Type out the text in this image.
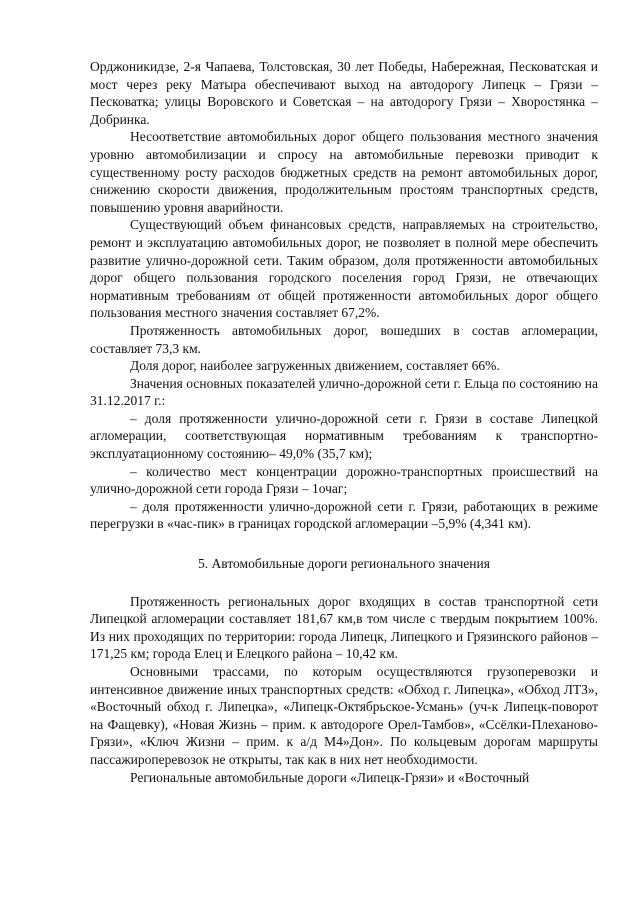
Орджоникидзе, 2-я Чапаева, Толстовская, 30 лет Победы, Набережная, Песковатская и мост через реку Матыра обеспечивают выход на автодорогу Липецк – Грязи – Песковатка; улицы Воровского и Советская – на автодорогу Грязи – Хворостянка – Добринка.

Несоответствие автомобильных дорог общего пользования местного значения уровню автомобилизации и спросу на автомобильные перевозки приводит к существенному росту расходов бюджетных средств на ремонт автомобильных дорог, снижению скорости движения, продолжительным простоям транспортных средств, повышению уровня аварийности.

Существующий объем финансовых средств, направляемых на строительство, ремонт и эксплуатацию автомобильных дорог, не позволяет в полной мере обеспечить развитие улично-дорожной сети. Таким образом, доля протяженности автомобильных дорог общего пользования городского поселения город Грязи, не отвечающих нормативным требованиям от общей протяженности автомобильных дорог общего пользования местного значения составляет 67,2%.

Протяженность автомобильных дорог, вошедших в состав агломерации, составляет 73,3 км.

Доля дорог, наиболее загруженных движением, составляет 66%.

Значения основных показателей улично-дорожной сети г. Ельца по состоянию на 31.12.2017 г.:

– доля протяженности улично-дорожной сети г. Грязи в составе Липецкой агломерации, соответствующая нормативным требованиям к транспортно-эксплуатационному состоянию– 49,0% (35,7 км);

– количество мест концентрации дорожно-транспортных происшествий на улично-дорожной сети города Грязи – 1очаг;

– доля протяженности улично-дорожной сети г. Грязи, работающих в режиме перегрузки в «час-пик» в границах городской агломерации –5,9% (4,341 км).

5. Автомобильные дороги регионального значения

Протяженность региональных дорог входящих в состав транспортной сети Липецкой агломерации составляет 181,67 км,в том числе с твердым покрытием 100%. Из них проходящих по территории: города Липецк, Липецкого и Грязинского районов – 171,25 км; города Елец и Елецкого района – 10,42 км.

Основными трассами, по которым осуществляются грузоперевозки и интенсивное движение иных транспортных средств: «Обход г. Липецка», «Обход ЛТЗ», «Восточный обход г. Липецка», «Липецк-Октябрьское-Усмань» (уч-к Липецк-поворот на Фащевку), «Новая Жизнь – прим. к автодороге Орел-Тамбов», «Ссёлки-Плеханово-Грязи», «Ключ Жизни – прим. к а/д М4»Дон». По кольцевым дорогам маршруты пассажироперевозок не открыты, так как в них нет необходимости.

Региональные автомобильные дороги «Липецк-Грязи» и «Восточный
